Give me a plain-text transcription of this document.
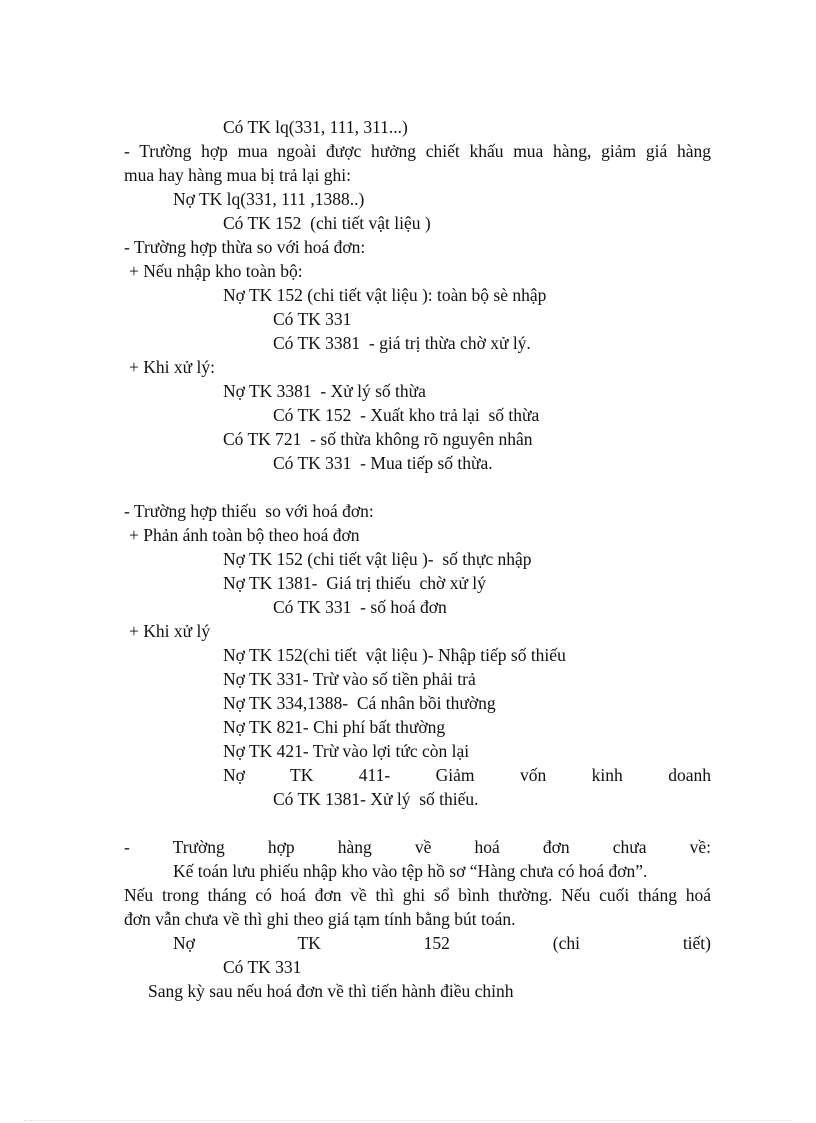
Có TK lq(331, 111, 311...)
- Trường hợp mua ngoài được hưởng chiết khấu mua hàng, giảm giá hàng
mua hay hàng mua bị trả lại ghi:
Nợ TK lq(331, 111 ,1388..)
Có TK 152  (chi tiết vật liệu )
- Trường hợp thừa so với hoá đơn:
+ Nếu nhập kho toàn bộ:
Nợ TK 152 (chi tiết vật liệu ): toàn bộ sè nhập
Có TK 331
Có TK 3381  - giá trị thừa chờ xử lý.
+ Khi xử lý:
Nợ TK 3381  - Xử lý số thừa
Có TK 152  - Xuất kho trả lại  số thừa
Có TK 721  - số thừa không rõ nguyên nhân
Có TK 331  - Mua tiếp số thừa.
- Trường hợp thiếu  so với hoá đơn:
+ Phản ánh toàn bộ theo hoá đơn
Nợ TK 152 (chi tiết vật liệu )-  số thực nhập
Nợ TK 1381-  Giá trị thiếu  chờ xử lý
Có TK 331  - số hoá đơn
+ Khi xử lý
Nợ TK 152(chi tiết  vật liệu )- Nhập tiếp số thiếu
Nợ TK 331- Trừ vào số tiền phải trả
Nợ TK 334,1388-  Cá nhân bồi thường
Nợ TK 821- Chi phí bất thường
Nợ TK 421- Trừ vào lợi tức còn lại
Nợ TK 411- Giảm vốn kinh doanh
Có TK 1381- Xử lý  số thiếu.
- Trường hợp hàng về hoá đơn chưa về:
Kế toán lưu phiếu nhập kho vào tệp hồ sơ “Hàng chưa có hoá đơn”.
Nếu trong tháng có hoá đơn về thì ghi sổ bình thường. Nếu cuối tháng hoá
đơn vẫn chưa về thì ghi theo giá tạm tính bằng bút toán.
Nợ TK 152 (chi tiết)
Có TK 331
Sang kỳ sau nếu hoá đơn về thì tiến hành điều chỉnh
